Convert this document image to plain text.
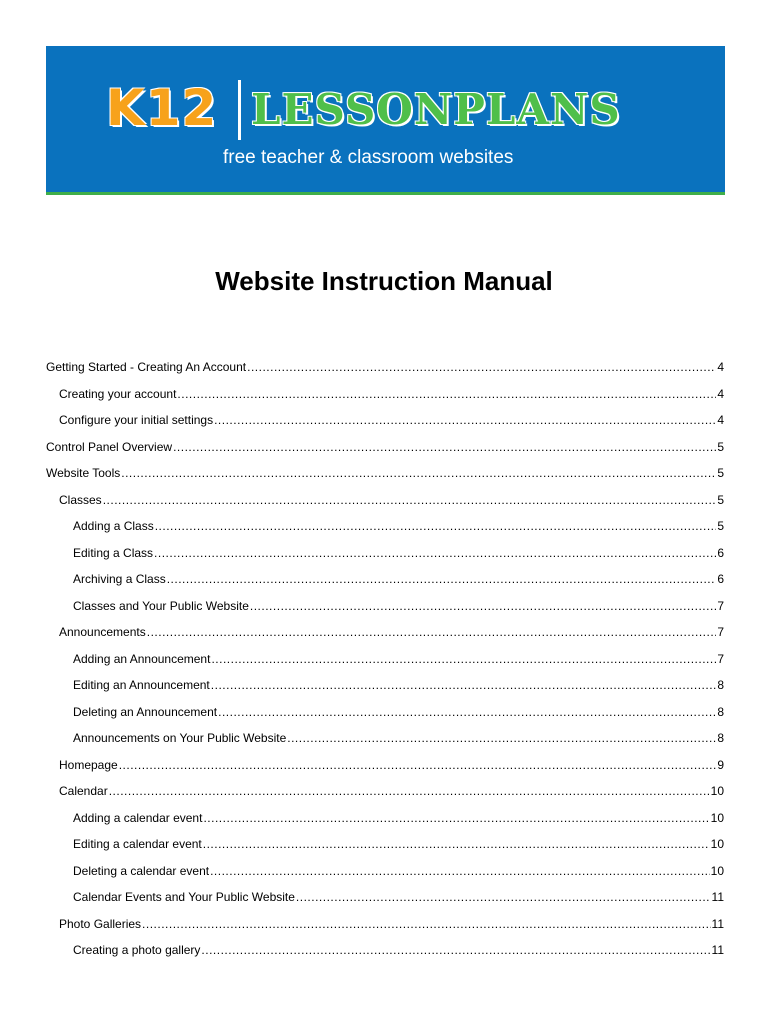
K12 LESSONPLANS
free teacher & classroom websites
Website Instruction Manual
Getting Started - Creating An Account .....	4
Creating your account .....	4
Configure your initial settings .....	4
Control Panel Overview .....	5
Website Tools .....	5
Classes .....	5
Adding a Class .....	5
Editing a Class .....	6
Archiving a Class .....	6
Classes and Your Public Website .....	7
Announcements .....	7
Adding an Announcement .....	7
Editing an Announcement .....	8
Deleting an Announcement .....	8
Announcements on Your Public Website .....	8
Homepage .....	9
Calendar .....	10
Adding a calendar event .....	10
Editing a calendar event .....	10
Deleting a calendar event .....	10
Calendar Events and Your Public Website .....	11
Photo Galleries .....	11
Creating a photo gallery .....	11
